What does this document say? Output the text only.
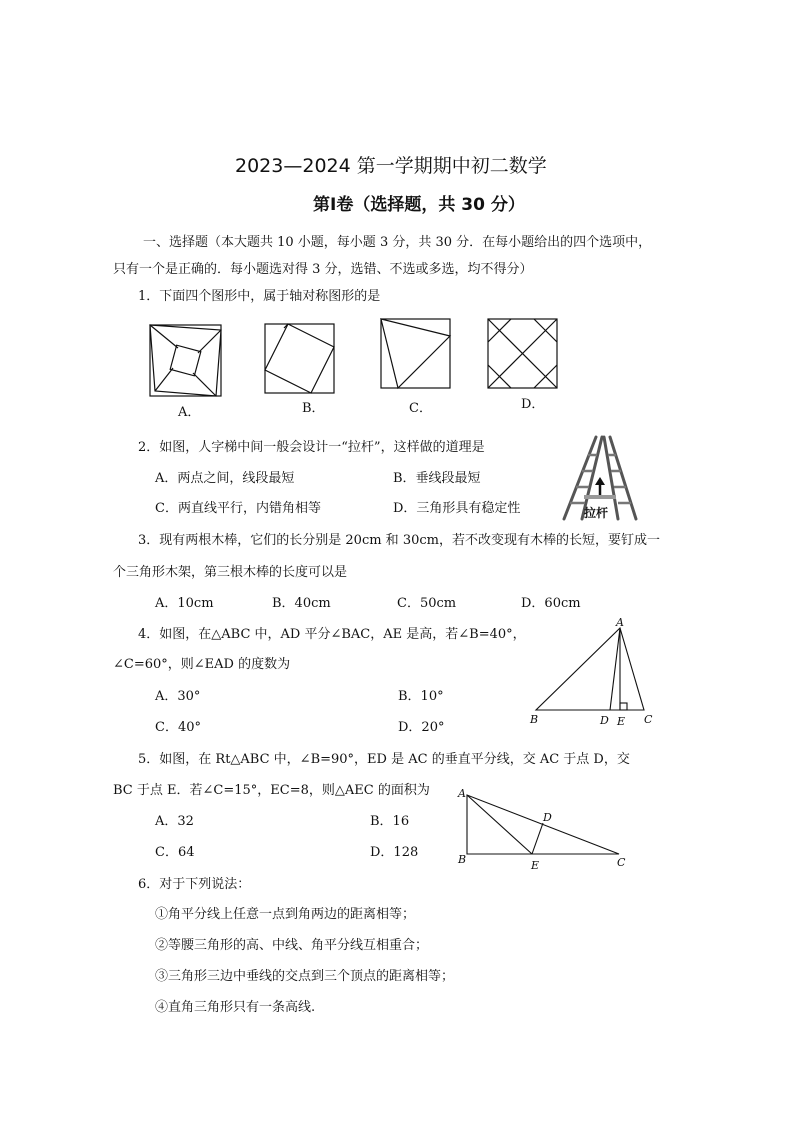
2023—2024 第一学期期中初二数学
第Ⅰ卷（选择题，共 30 分）
一、选择题（本大题共 10 小题，每小题 3 分，共 30 分．在每小题给出的四个选项中，
只有一个是正确的．每小题选对得 3 分，选错、不选或多选，均不得分）
1．下面四个图形中，属于轴对称图形的是
A．	B．	C．	D．
2．如图，人字梯中间一般会设计一“拉杆”，这样做的道理是
A．两点之间，线段最短	B．垂线段最短
C．两直线平行，内错角相等	D．三角形具有稳定性	拉杆
3．现有两根木棒，它们的长分别是 20cm 和 30cm，若不改变现有木棒的长短，要钉成一
个三角形木架，第三根木棒的长度可以是
A．10cm	B．40cm	C．50cm	D．60cm
4．如图，在△ABC 中，AD 平分∠BAC，AE 是高，若∠B=40°，
∠C=60°，则∠EAD 的度数为
A．30°	B．10°
C．40°	D．20°
A
B	D E C
5．如图，在 Rt△ABC 中，∠B=90°，ED 是 AC 的垂直平分线，交 AC 于点 D，交
BC 于点 E．若∠C=15°，EC=8，则△AEC 的面积为
A．32	B．16
C．64	D．128
A
D
B	E	C
6．对于下列说法：
①角平分线上任意一点到角两边的距离相等；
②等腰三角形的高、中线、角平分线互相重合；
③三角形三边中垂线的交点到三个顶点的距离相等；
④直角三角形只有一条高线.
